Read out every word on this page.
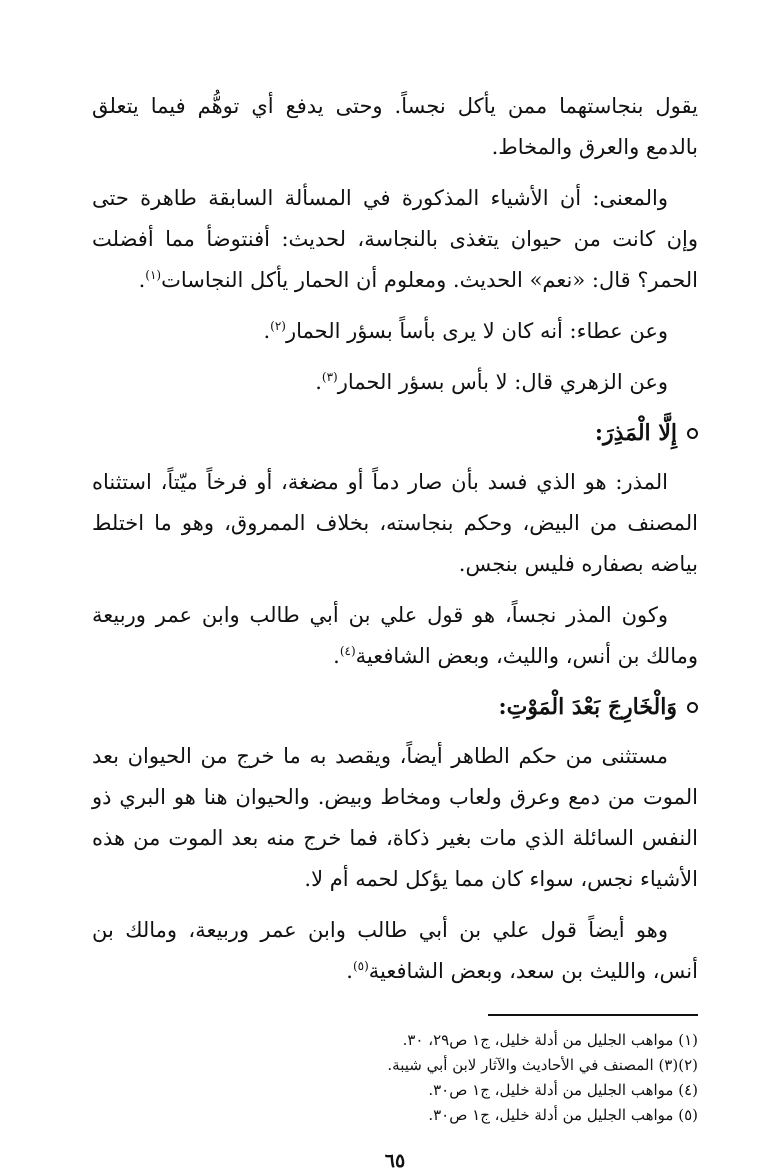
يقول بنجاستهما ممن يأكل نجساً. وحتى يدفع أي توهُّم فيما يتعلق بالدمع والعرق والمخاط.

والمعنى: أن الأشياء المذكورة في المسألة السابقة طاهرة حتى وإن كانت من حيوان يتغذى بالنجاسة، لحديث: أفنتوضأ مما أفضلت الحمر؟ قال: «نعم» الحديث. ومعلوم أن الحمار يأكل النجاسات$^{(١)}$.

وعن عطاء: أنه كان لا يرى بأساً بسؤر الحمار$^{(٢)}$.

وعن الزهري قال: لا بأس بسؤر الحمار$^{(٣)}$.

إِلَّا الْمَذِرَ:

المذر: هو الذي فسد بأن صار دماً أو مضغة، أو فرخاً ميّتاً، استثناه المصنف من البيض، وحكم بنجاسته، بخلاف الممروق، وهو ما اختلط بياضه بصفاره فليس بنجس.

وكون المذر نجساً، هو قول علي بن أبي طالب وابن عمر وربيعة ومالك بن أنس، والليث، وبعض الشافعية$^{(٤)}$.

وَالْخَارِجَ بَعْدَ الْمَوْتِ:

مستثنى من حكم الطاهر أيضاً، ويقصد به ما خرج من الحيوان بعد الموت من دمع وعرق ولعاب ومخاط وبيض. والحيوان هنا هو البري ذو النفس السائلة الذي مات بغير ذكاة، فما خرج منه بعد الموت من هذه الأشياء نجس، سواء كان مما يؤكل لحمه أم لا.

وهو أيضاً قول علي بن أبي طالب وابن عمر وربيعة، ومالك بن أنس، والليث بن سعد، وبعض الشافعية$^{(٥)}$.

(١) مواهب الجليل من أدلة خليل، ج١ ص٢٩، ٣٠.

(٢)(٣) المصنف في الأحاديث والآثار لابن أبي شيبة.

(٤) مواهب الجليل من أدلة خليل، ج١ ص٣٠.

(٥) مواهب الجليل من أدلة خليل، ج١ ص٣٠.

٦٥
